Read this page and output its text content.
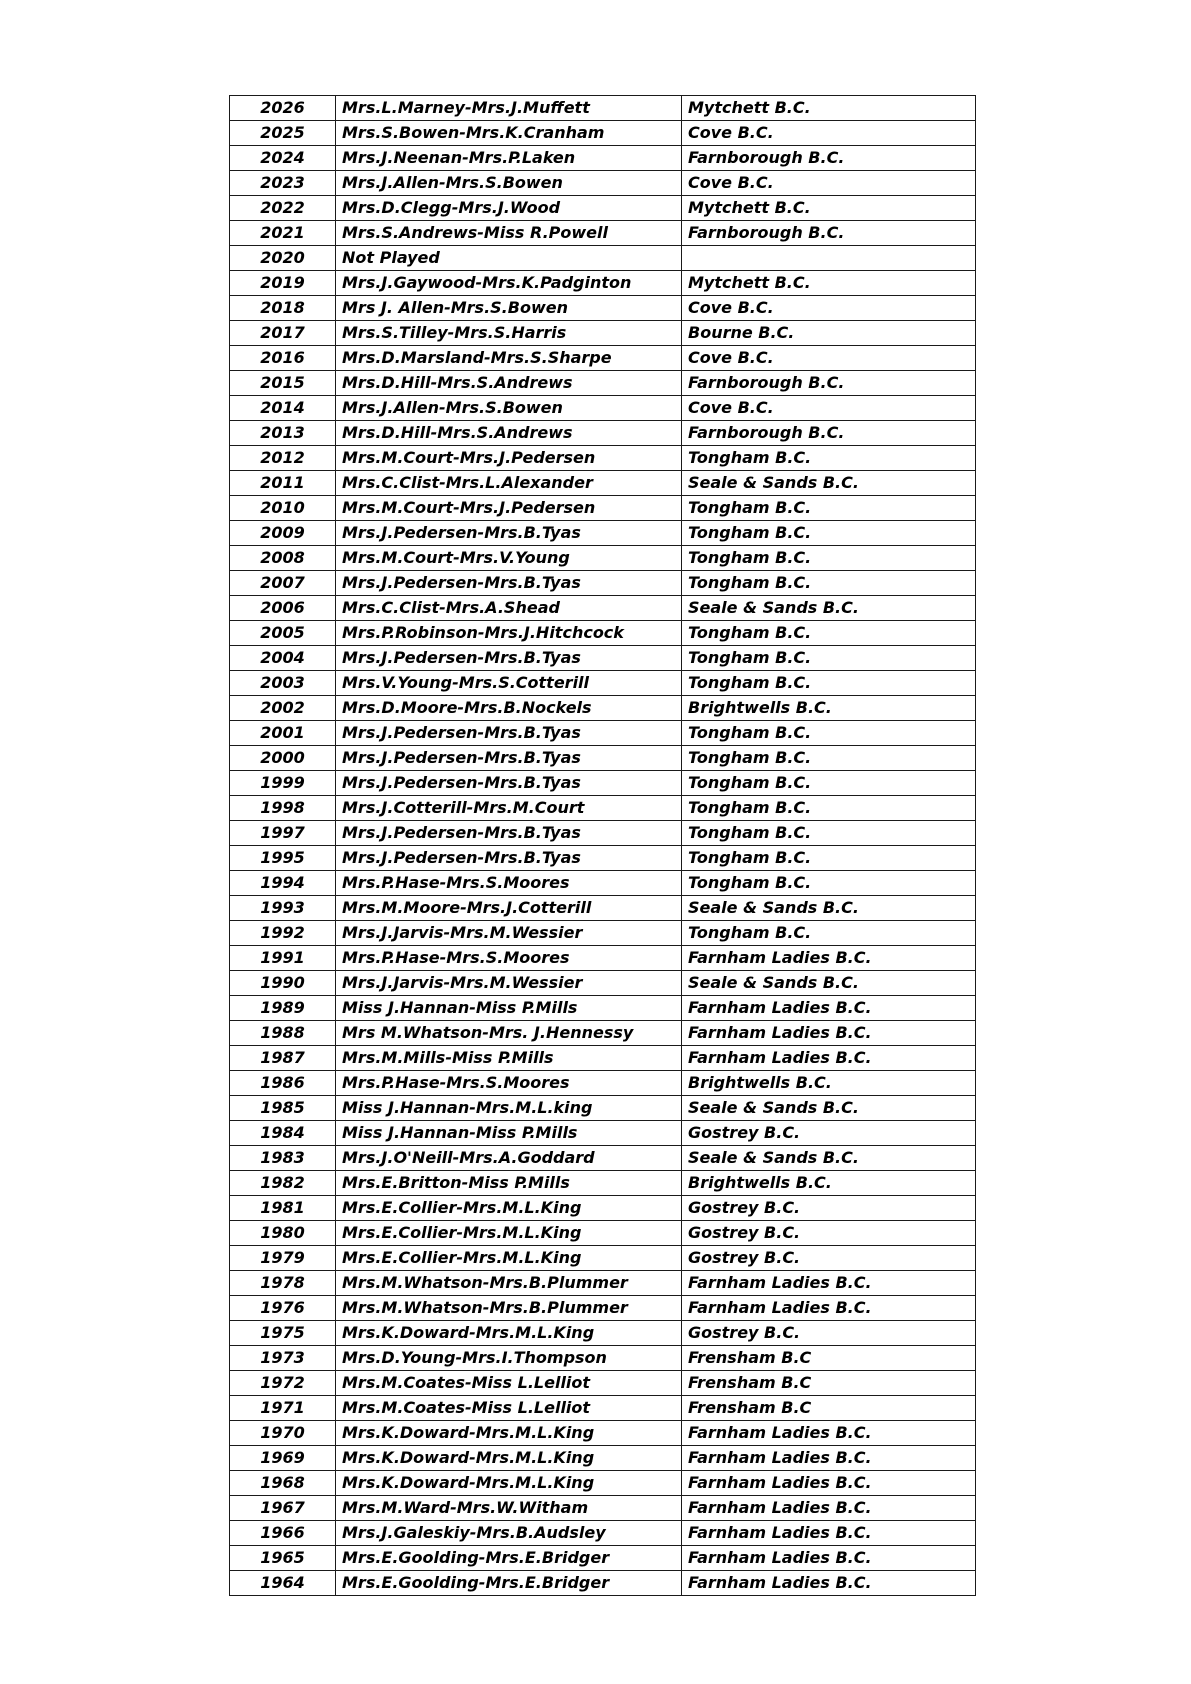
2026	Mrs.L.Marney-Mrs.J.Muffett	Mytchett B.C.
2025	Mrs.S.Bowen-Mrs.K.Cranham	Cove B.C.
2024	Mrs.J.Neenan-Mrs.P.Laken	Farnborough B.C.
2023	Mrs.J.Allen-Mrs.S.Bowen	Cove B.C.
2022	Mrs.D.Clegg-Mrs.J.Wood	Mytchett B.C.
2021	Mrs.S.Andrews-Miss R.Powell	Farnborough B.C.
2020	Not Played	
2019	Mrs.J.Gaywood-Mrs.K.Padginton	Mytchett B.C.
2018	Mrs J. Allen-Mrs.S.Bowen	Cove B.C.
2017	Mrs.S.Tilley-Mrs.S.Harris	Bourne B.C.
2016	Mrs.D.Marsland-Mrs.S.Sharpe	Cove B.C.
2015	Mrs.D.Hill-Mrs.S.Andrews	Farnborough B.C.
2014	Mrs.J.Allen-Mrs.S.Bowen	Cove B.C.
2013	Mrs.D.Hill-Mrs.S.Andrews	Farnborough B.C.
2012	Mrs.M.Court-Mrs.J.Pedersen	Tongham B.C.
2011	Mrs.C.Clist-Mrs.L.Alexander	Seale & Sands B.C.
2010	Mrs.M.Court-Mrs.J.Pedersen	Tongham B.C.
2009	Mrs.J.Pedersen-Mrs.B.Tyas	Tongham B.C.
2008	Mrs.M.Court-Mrs.V.Young	Tongham B.C.
2007	Mrs.J.Pedersen-Mrs.B.Tyas	Tongham B.C.
2006	Mrs.C.Clist-Mrs.A.Shead	Seale & Sands B.C.
2005	Mrs.P.Robinson-Mrs.J.Hitchcock	Tongham B.C.
2004	Mrs.J.Pedersen-Mrs.B.Tyas	Tongham B.C.
2003	Mrs.V.Young-Mrs.S.Cotterill	Tongham B.C.
2002	Mrs.D.Moore-Mrs.B.Nockels	Brightwells B.C.
2001	Mrs.J.Pedersen-Mrs.B.Tyas	Tongham B.C.
2000	Mrs.J.Pedersen-Mrs.B.Tyas	Tongham B.C.
1999	Mrs.J.Pedersen-Mrs.B.Tyas	Tongham B.C.
1998	Mrs.J.Cotterill-Mrs.M.Court	Tongham B.C.
1997	Mrs.J.Pedersen-Mrs.B.Tyas	Tongham B.C.
1995	Mrs.J.Pedersen-Mrs.B.Tyas	Tongham B.C.
1994	Mrs.P.Hase-Mrs.S.Moores	Tongham B.C.
1993	Mrs.M.Moore-Mrs.J.Cotterill	Seale & Sands B.C.
1992	Mrs.J.Jarvis-Mrs.M.Wessier	Tongham B.C.
1991	Mrs.P.Hase-Mrs.S.Moores	Farnham Ladies B.C.
1990	Mrs.J.Jarvis-Mrs.M.Wessier	Seale & Sands B.C.
1989	Miss J.Hannan-Miss P.Mills	Farnham Ladies B.C.
1988	Mrs M.Whatson-Mrs. J.Hennessy	Farnham Ladies B.C.
1987	Mrs.M.Mills-Miss P.Mills	Farnham Ladies B.C.
1986	Mrs.P.Hase-Mrs.S.Moores	Brightwells B.C.
1985	Miss J.Hannan-Mrs.M.L.king	Seale & Sands B.C.
1984	Miss J.Hannan-Miss P.Mills	Gostrey B.C.
1983	Mrs.J.O'Neill-Mrs.A.Goddard	Seale & Sands B.C.
1982	Mrs.E.Britton-Miss P.Mills	Brightwells B.C.
1981	Mrs.E.Collier-Mrs.M.L.King	Gostrey B.C.
1980	Mrs.E.Collier-Mrs.M.L.King	Gostrey B.C.
1979	Mrs.E.Collier-Mrs.M.L.King	Gostrey B.C.
1978	Mrs.M.Whatson-Mrs.B.Plummer	Farnham Ladies B.C.
1976	Mrs.M.Whatson-Mrs.B.Plummer	Farnham Ladies B.C.
1975	Mrs.K.Doward-Mrs.M.L.King	Gostrey B.C.
1973	Mrs.D.Young-Mrs.I.Thompson	Frensham B.C
1972	Mrs.M.Coates-Miss L.Lelliot	Frensham B.C
1971	Mrs.M.Coates-Miss L.Lelliot	Frensham B.C
1970	Mrs.K.Doward-Mrs.M.L.King	Farnham Ladies B.C.
1969	Mrs.K.Doward-Mrs.M.L.King	Farnham Ladies B.C.
1968	Mrs.K.Doward-Mrs.M.L.King	Farnham Ladies B.C.
1967	Mrs.M.Ward-Mrs.W.Witham	Farnham Ladies B.C.
1966	Mrs.J.Galeskiy-Mrs.B.Audsley	Farnham Ladies B.C.
1965	Mrs.E.Goolding-Mrs.E.Bridger	Farnham Ladies B.C.
1964	Mrs.E.Goolding-Mrs.E.Bridger	Farnham Ladies B.C.
